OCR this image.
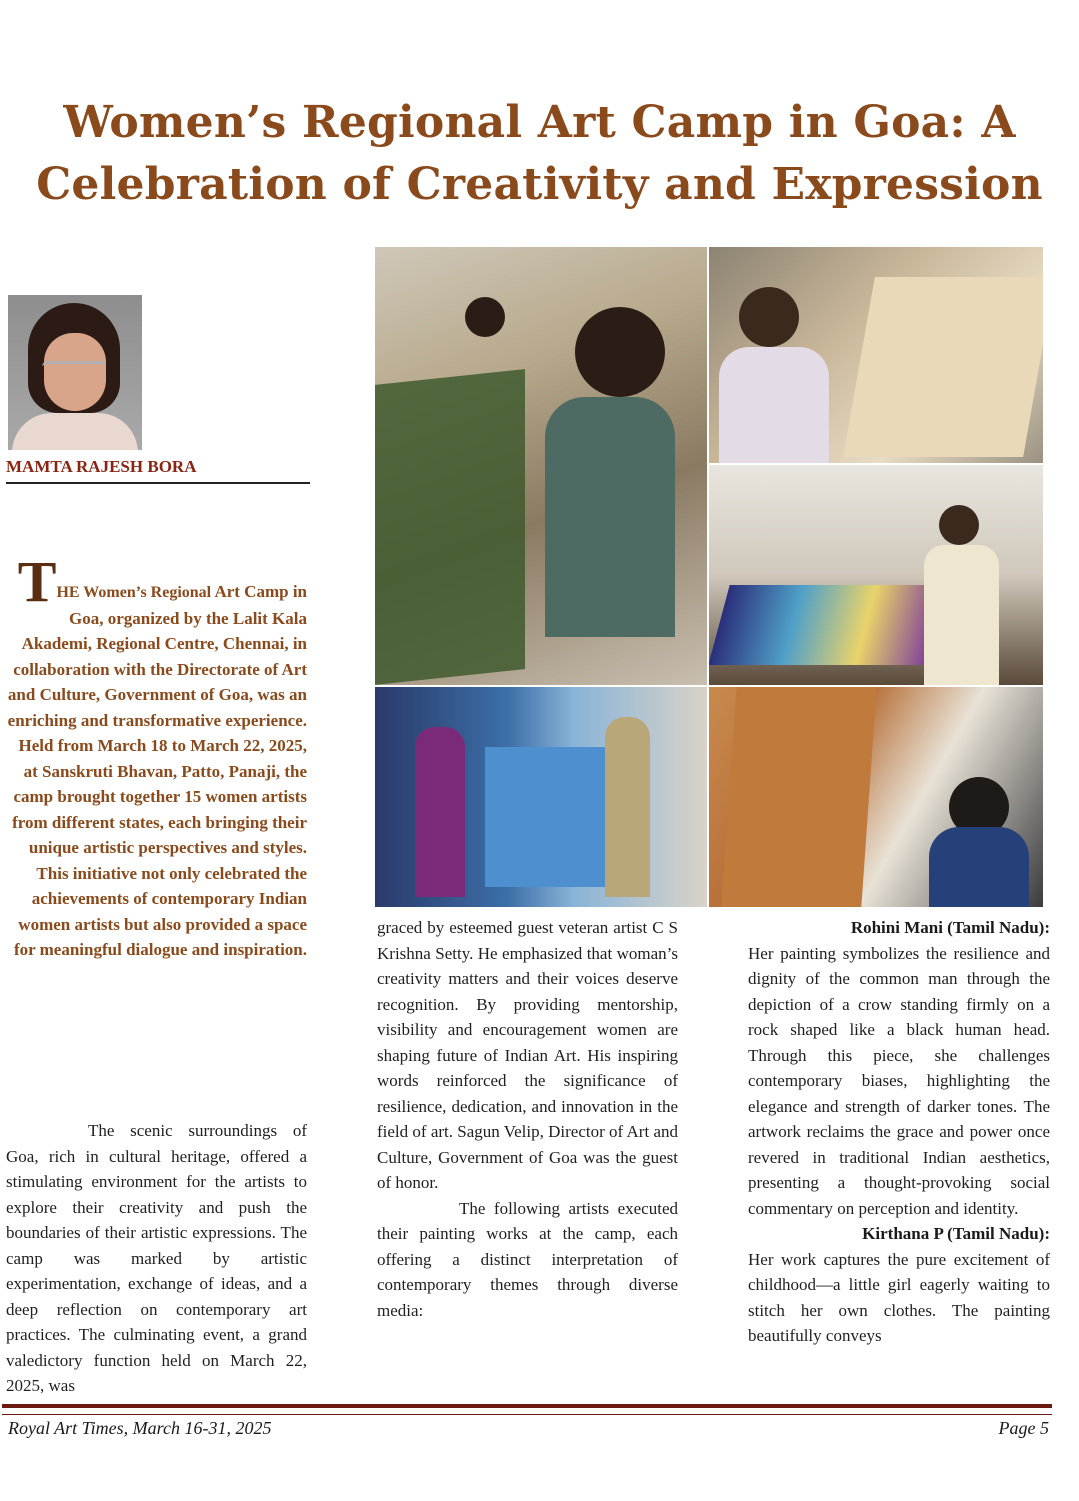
Women’s Regional Art Camp in Goa: A Celebration of Creativity and Expression
MAMTA RAJESH BORA

THE Women’s Regional Art Camp in Goa, organized by the Lalit Kala Akademi, Regional Centre, Chennai, in collaboration with the Directorate of Art and Culture, Government of Goa, was an enriching and transformative experience. Held from March 18 to March 22, 2025, at Sanskruti Bhavan, Patto, Panaji, the camp brought together 15 women artists from different states, each bringing their unique artistic perspectives and styles. This initiative not only celebrated the achievements of contemporary Indian women artists but also provided a space for meaningful dialogue and inspiration.

The scenic surroundings of Goa, rich in cultural heritage, offered a stimulating environment for the artists to explore their creativity and push the boundaries of their artistic expressions. The camp was marked by artistic experimentation, exchange of ideas, and a deep reflection on contemporary art practices. The culminating event, a grand valedictory function held on March 22, 2025, was

graced by esteemed guest veteran artist C S Krishna Setty. He emphasized that woman’s creativity matters and their voices deserve recognition. By providing mentorship, visibility and encouragement women are shaping future of Indian Art. His inspiring words reinforced the significance of resilience, dedication, and innovation in the field of art. Sagun Velip, Director of Art and Culture, Government of Goa was the guest of honor.

The following artists executed their painting works at the camp, each offering a distinct interpretation of contemporary themes through diverse media:

Rohini Mani (Tamil Nadu):

Her painting symbolizes the resilience and dignity of the common man through the depiction of a crow standing firmly on a rock shaped like a black human head. Through this piece, she challenges contemporary biases, highlighting the elegance and strength of darker tones. The artwork reclaims the grace and power once revered in traditional Indian aesthetics, presenting a thought-provoking social commentary on perception and identity.

Kirthana P (Tamil Nadu):

Her work captures the pure excitement of childhood—a little girl eagerly waiting to stitch her own clothes. The painting beautifully conveys

Royal Art Times, March 16-31, 2025	Page 5
